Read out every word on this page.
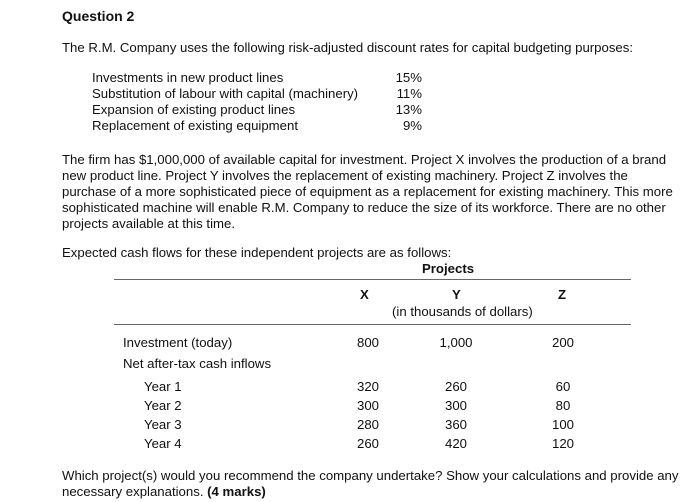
Question 2
The R.M. Company uses the following risk-adjusted discount rates for capital budgeting purposes:
Investments in new product lines	15%
Substitution of labour with capital (machinery)	11%
Expansion of existing product lines	13%
Replacement of existing equipment	9%
The firm has $1,000,000 of available capital for investment. Project X involves the production of a brand new product line. Project Y involves the replacement of existing machinery. Project Z involves the purchase of a more sophisticated piece of equipment as a replacement for existing machinery. This more sophisticated machine will enable R.M. Company to reduce the size of its workforce. There are no other projects available at this time.
Expected cash flows for these independent projects are as follows:
Projects
X	Y	Z
(in thousands of dollars)
Investment (today)	800	1,000	200
Net after-tax cash inflows
Year 1	320	260	60
Year 2	300	300	80
Year 3	280	360	100
Year 4	260	420	120
Which project(s) would you recommend the company undertake? Show your calculations and provide any necessary explanations. (4 marks)
